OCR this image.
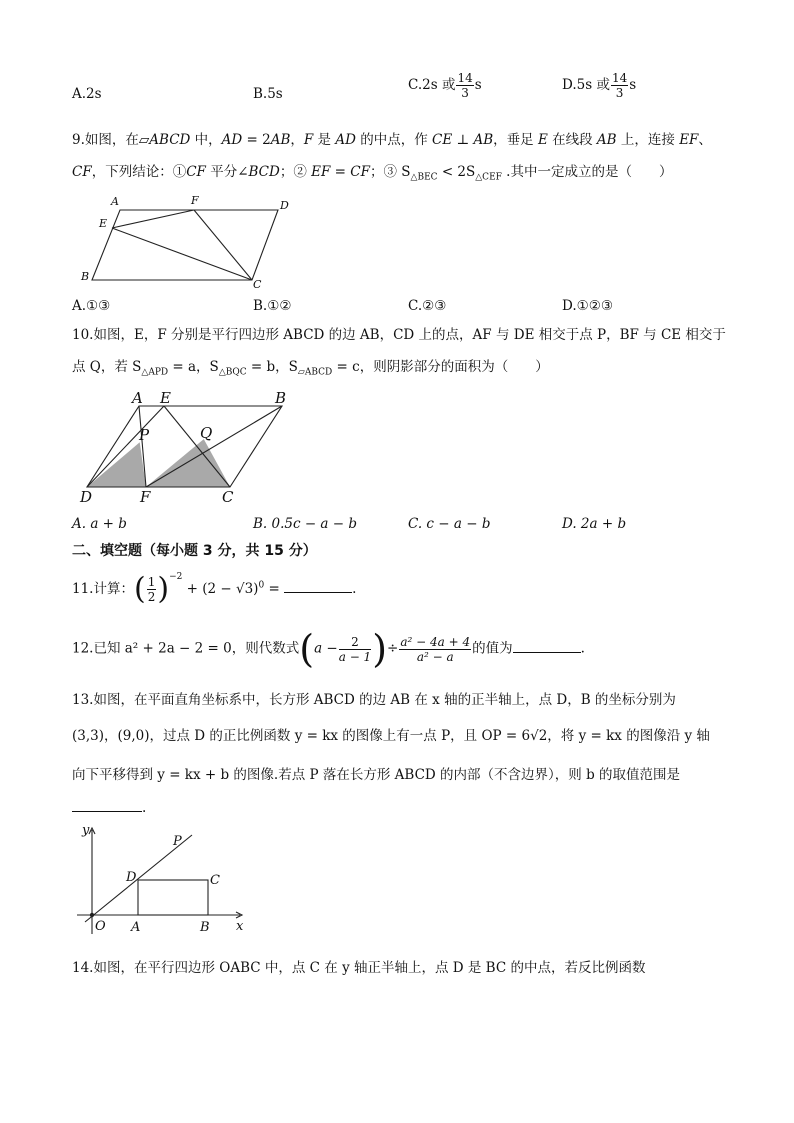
A.2s	B.5s
C.2s 或 $\frac{14}{3}$ s	D.5s 或 $\frac{14}{3}$ s
9.如图，在▱ABCD 中，AD = 2AB，F 是 AD 的中点，作 CE ⊥ AB，垂足 E 在线段 AB 上，连接 EF、
CF，下列结论：①CF 平分∠BCD；② EF = CF；③ $S_{\triangle BEC} < 2S_{\triangle CEF}$ .其中一定成立的是（　　）
A	F	D
E
B
C
A.①③	B.①②	C.②③	D.①②③
10.如图，E，F 分别是平行四边形 ABCD 的边 AB，CD 上的点，AF 与 DE 相交于点 P，BF 与 CE 相交于
点 Q，若 $S_{\triangle APD} = a$，$S_{\triangle BQC} = b$，$S_{▱ABCD} = c$，则阴影部分的面积为（　　）
A E	B
P	Q
D	F	C
A. a + b	B. 0.5c − a − b	C. c − a − b	D. 2a + b
二、填空题（每小题 3 分，共 15 分）
11.计算：( $\frac{1}{2} )^{-2} + (2 - √3)^0$ =	.
12.已知 a² + 2a − 2 = 0，则代数式($a - \frac{2}{a - 1}$ )÷ $\frac{\text{a² − 4a + 4}}{\text{a² − a}}$ 的值为	.
13.如图，在平面直角坐标系中，长方形 ABCD 的边 AB 在 x 轴的正半轴上，点 D，B 的坐标分别为
(3,3)，(9,0)，过点 D 的正比例函数 y = kx 的图像上有一点 P，且 OP = 6√2，将 y = kx 的图像沿 y 轴
向下平移得到 y = kx + b 的图像.若点 P 落在长方形 ABCD 的内部（不含边界），则 b 的取值范围是
.
y
P
D	C
O A	B x
14.如图，在平行四边形 OABC 中，点 C 在 y 轴正半轴上，点 D 是 BC 的中点，若反比例函数
